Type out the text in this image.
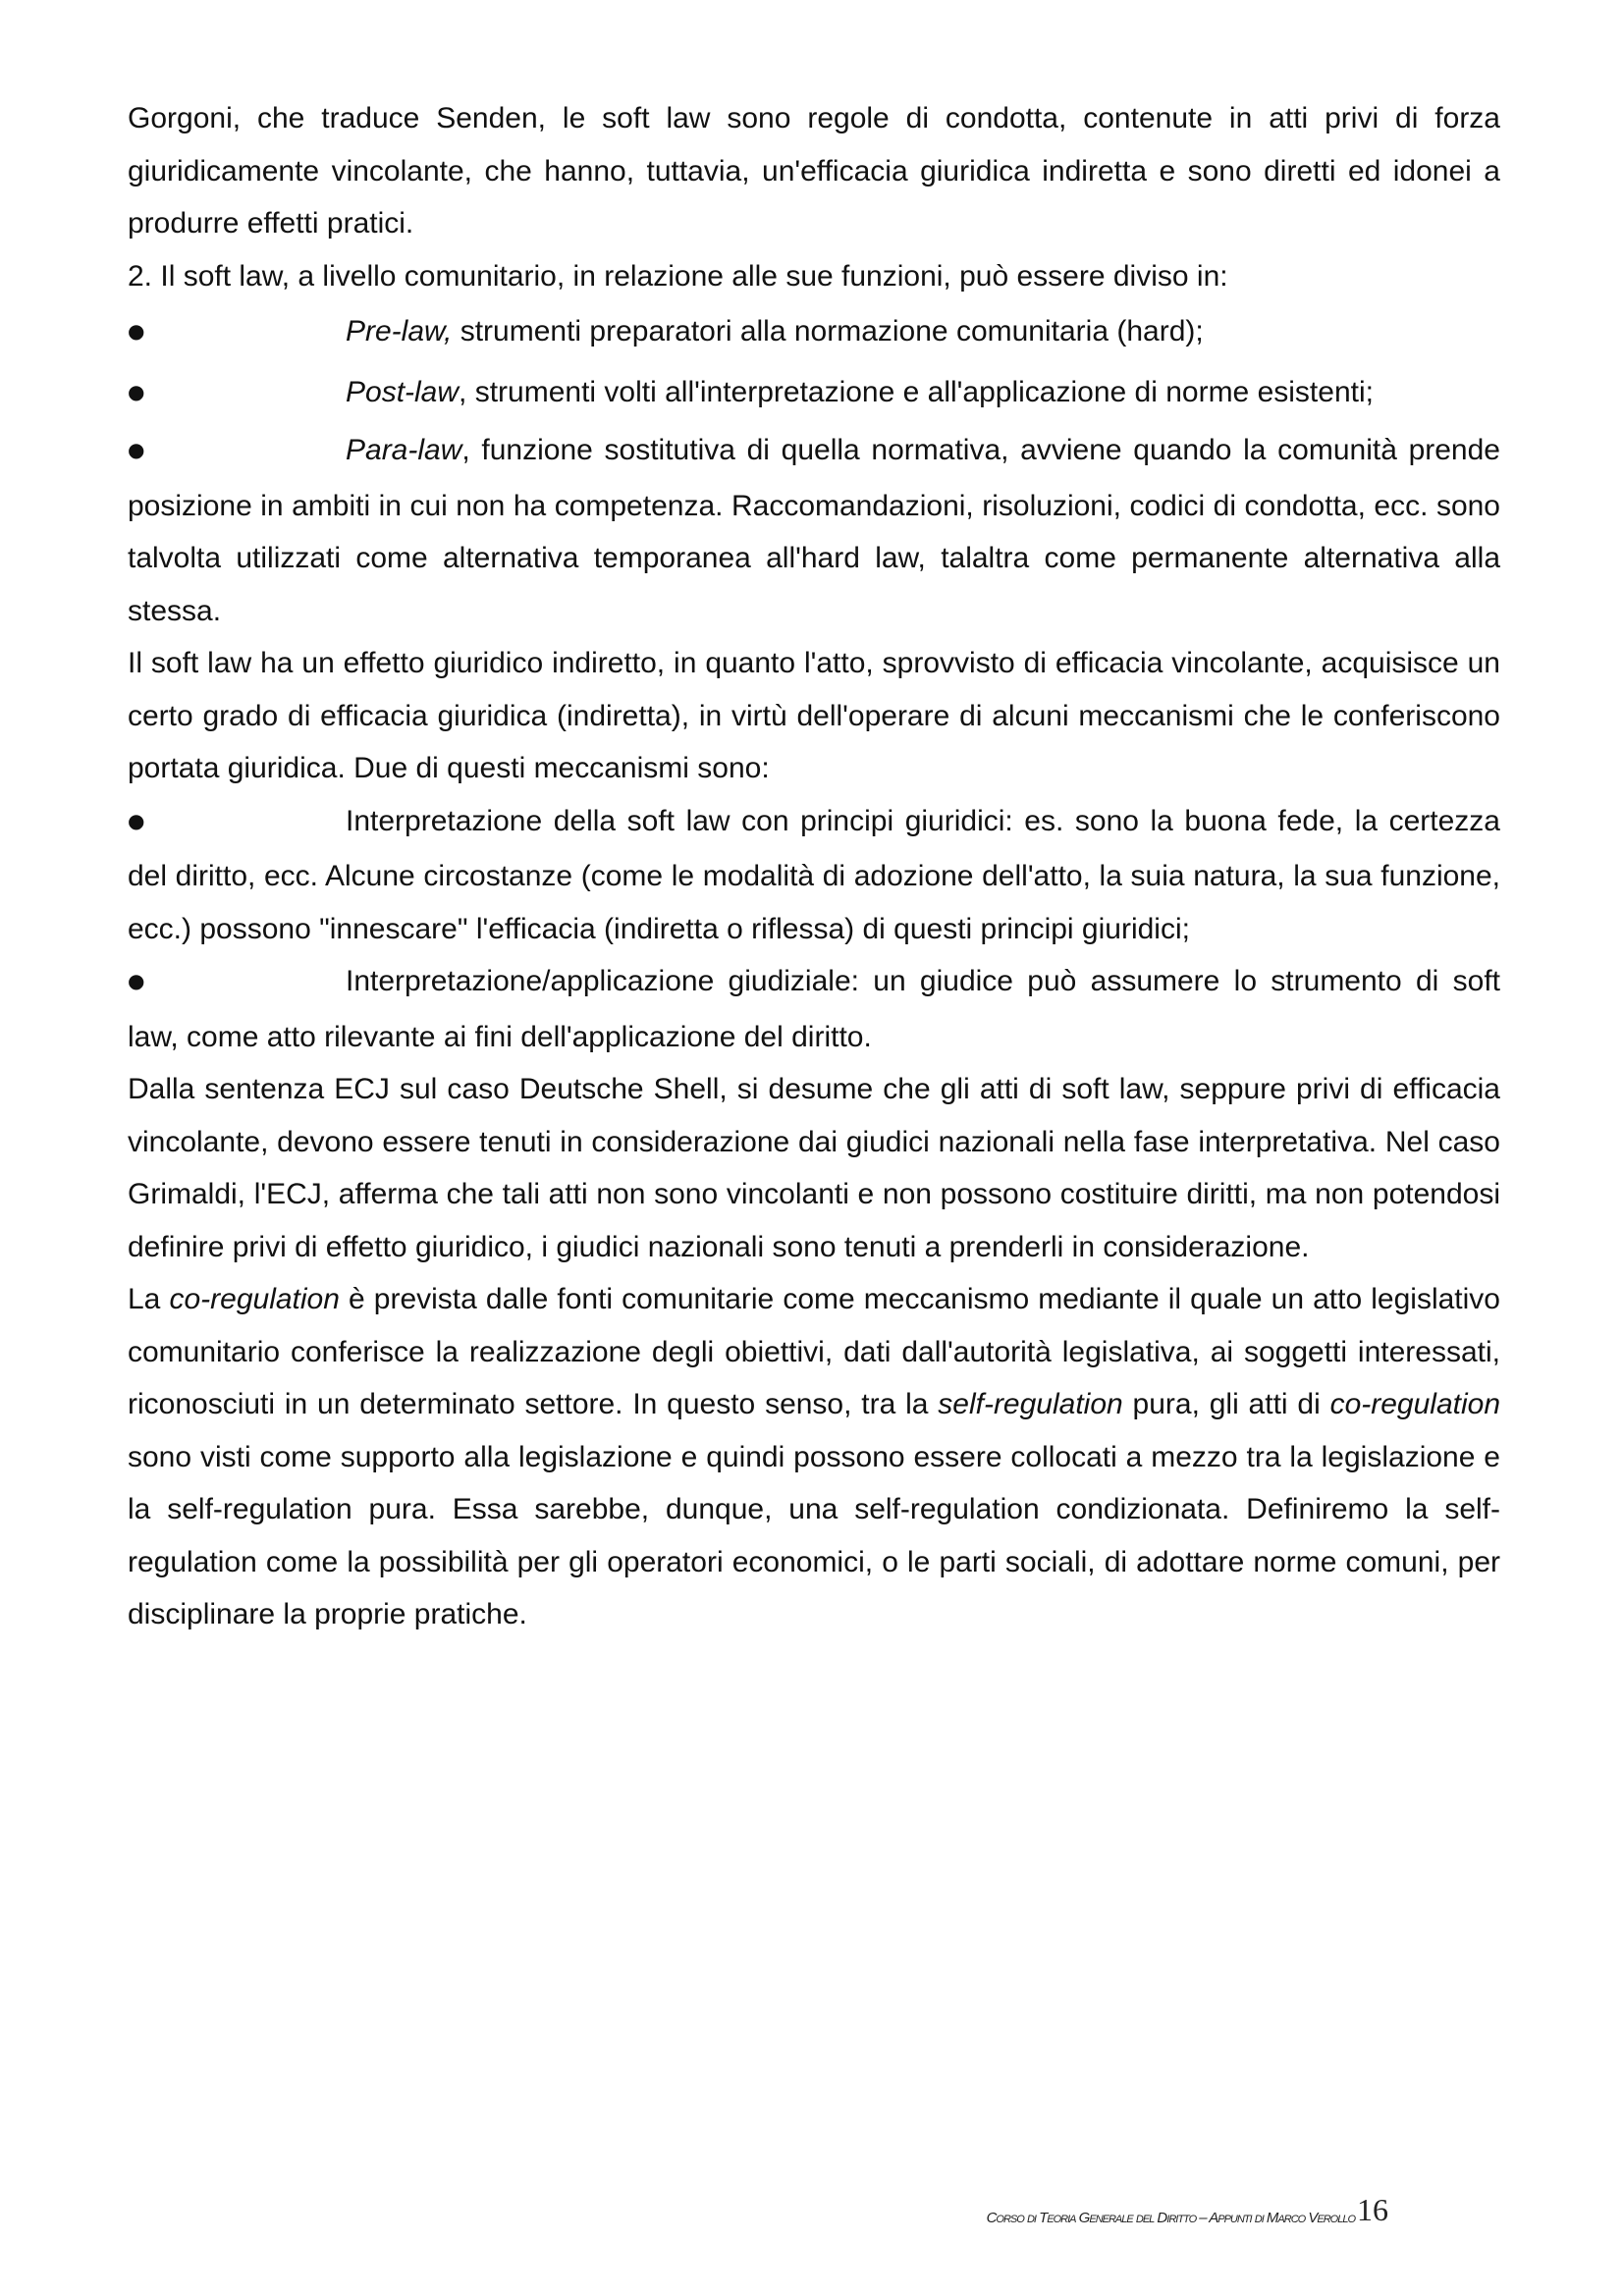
Gorgoni, che traduce Senden, le soft law sono regole di condotta, contenute in atti privi di forza giuridicamente vincolante, che hanno, tuttavia, un'efficacia giuridica indiretta e sono diretti ed idonei a produrre effetti pratici.

2. Il soft law, a livello comunitario, in relazione alle sue funzioni, può essere diviso in:

●Pre-law, strumenti preparatori alla normazione comunitaria (hard);

●Post-law, strumenti volti all'interpretazione e all'applicazione di norme esistenti;

●Para-law, funzione sostitutiva di quella normativa, avviene quando la comunità prende posizione in ambiti in cui non ha competenza. Raccomandazioni, risoluzioni, codici di condotta, ecc. sono talvolta utilizzati come alternativa temporanea all'hard law, talaltra come permanente alternativa alla stessa.

Il soft law ha un effetto giuridico indiretto, in quanto l'atto, sprovvisto di efficacia vincolante, acquisisce un certo grado di efficacia giuridica (indiretta), in virtù dell'operare di alcuni meccanismi che le conferiscono portata giuridica. Due di questi meccanismi sono:

●Interpretazione della soft law con principi giuridici: es. sono la buona fede, la certezza del diritto, ecc. Alcune circostanze (come le modalità di adozione dell'atto, la suia natura, la sua funzione, ecc.) possono "innescare" l'efficacia (indiretta o riflessa) di questi principi giuridici;

●Interpretazione/applicazione giudiziale: un giudice può assumere lo strumento di soft law, come atto rilevante ai fini dell'applicazione del diritto.

Dalla sentenza ECJ sul caso Deutsche Shell, si desume che gli atti di soft law, seppure privi di efficacia vincolante, devono essere tenuti in considerazione dai giudici nazionali nella fase interpretativa. Nel caso Grimaldi, l'ECJ, afferma che tali atti non sono vincolanti e non possono costituire diritti, ma non potendosi definire privi di effetto giuridico, i giudici nazionali sono tenuti a prenderli in considerazione.

La co-regulation è prevista dalle fonti comunitarie come meccanismo mediante il quale un atto legislativo comunitario conferisce la realizzazione degli obiettivi, dati dall'autorità legislativa, ai soggetti interessati, riconosciuti in un determinato settore. In questo senso, tra la self-regulation pura, gli atti di co-regulation sono visti come supporto alla legislazione e quindi possono essere collocati a mezzo tra la legislazione e la self-regulation pura. Essa sarebbe, dunque, una self-regulation condizionata. Definiremo la self-regulation come la possibilità per gli operatori economici, o le parti sociali, di adottare norme comuni, per disciplinare la proprie pratiche.

Corso di Teoria Generale del Diritto – Appunti di Marco Verollo 16
